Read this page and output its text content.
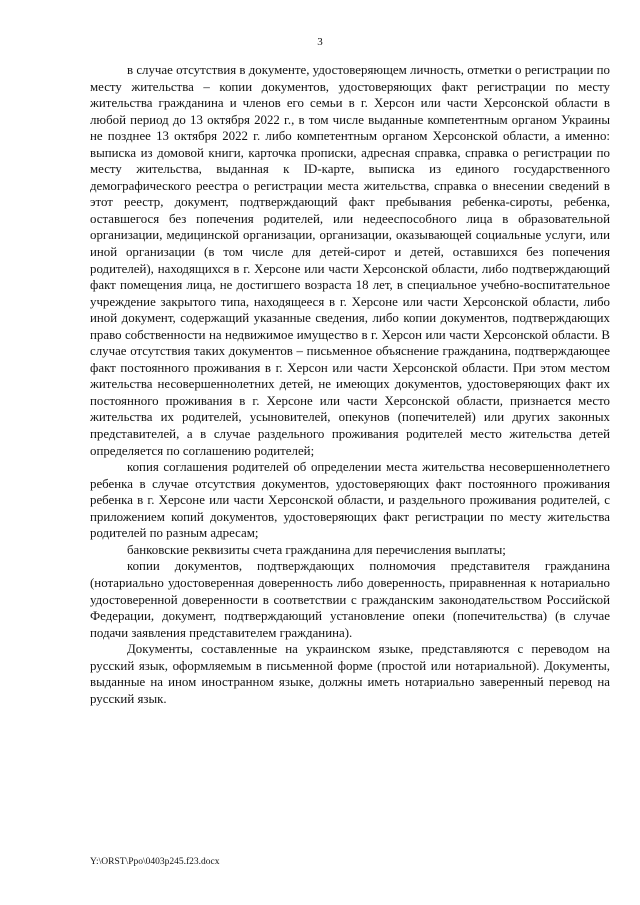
3

в случае отсутствия в документе, удостоверяющем личность, отметки о регистрации по месту жительства – копии документов, удостоверяющих факт регистрации по месту жительства гражданина и членов его семьи в г. Херсон или части Херсонской области в любой период до 13 октября 2022 г., в том числе выданные компетентным органом Украины не позднее 13 октября 2022 г. либо компетентным органом Херсонской области, а именно: выписка из домовой книги, карточка прописки, адресная справка, справка о регистрации по месту жительства, выданная к ID-карте, выписка из единого государственного демографического реестра о регистрации места жительства, справка о внесении сведений в этот реестр, документ, подтверждающий факт пребывания ребенка-сироты, ребенка, оставшегося без попечения родителей, или недееспособного лица в образовательной организации, медицинской организации, организации, оказывающей социальные услуги, или иной организации (в том числе для детей-сирот и детей, оставшихся без попечения родителей), находящихся в г. Херсоне или части Херсонской области, либо подтверждающий факт помещения лица, не достигшего возраста 18 лет, в специальное учебно-воспитательное учреждение закрытого типа, находящееся в г. Херсоне или части Херсонской области, либо иной документ, содержащий указанные сведения, либо копии документов, подтверждающих право собственности на недвижимое имущество в г. Херсон или части Херсонской области. В случае отсутствия таких документов – письменное объяснение гражданина, подтверждающее факт постоянного проживания в г. Херсон или части Херсонской области. При этом местом жительства несовершеннолетних детей, не имеющих документов, удостоверяющих факт их постоянного проживания в г. Херсоне или части Херсонской области, признается место жительства их родителей, усыновителей, опекунов (попечителей) или других законных представителей, а в случае раздельного проживания родителей место жительства детей определяется по соглашению родителей;

копия соглашения родителей об определении места жительства несовершеннолетнего ребенка в случае отсутствия документов, удостоверяющих факт постоянного проживания ребенка в г. Херсоне или части Херсонской области, и раздельного проживания родителей, с приложением копий документов, удостоверяющих факт регистрации по месту жительства родителей по разным адресам;

банковские реквизиты счета гражданина для перечисления выплаты;

копии документов, подтверждающих полномочия представителя гражданина (нотариально удостоверенная доверенность либо доверенность, приравненная к нотариально удостоверенной доверенности в соответствии с гражданским законодательством Российской Федерации, документ, подтверждающий установление опеки (попечительства) (в случае подачи заявления представителем гражданина).

Документы, составленные на украинском языке, представляются с переводом на русский язык, оформляемым в письменной форме (простой или нотариальной). Документы, выданные на ином иностранном языке, должны иметь нотариально заверенный перевод на русский язык.

Y:\ORST\Ppo\0403p245.f23.docx
